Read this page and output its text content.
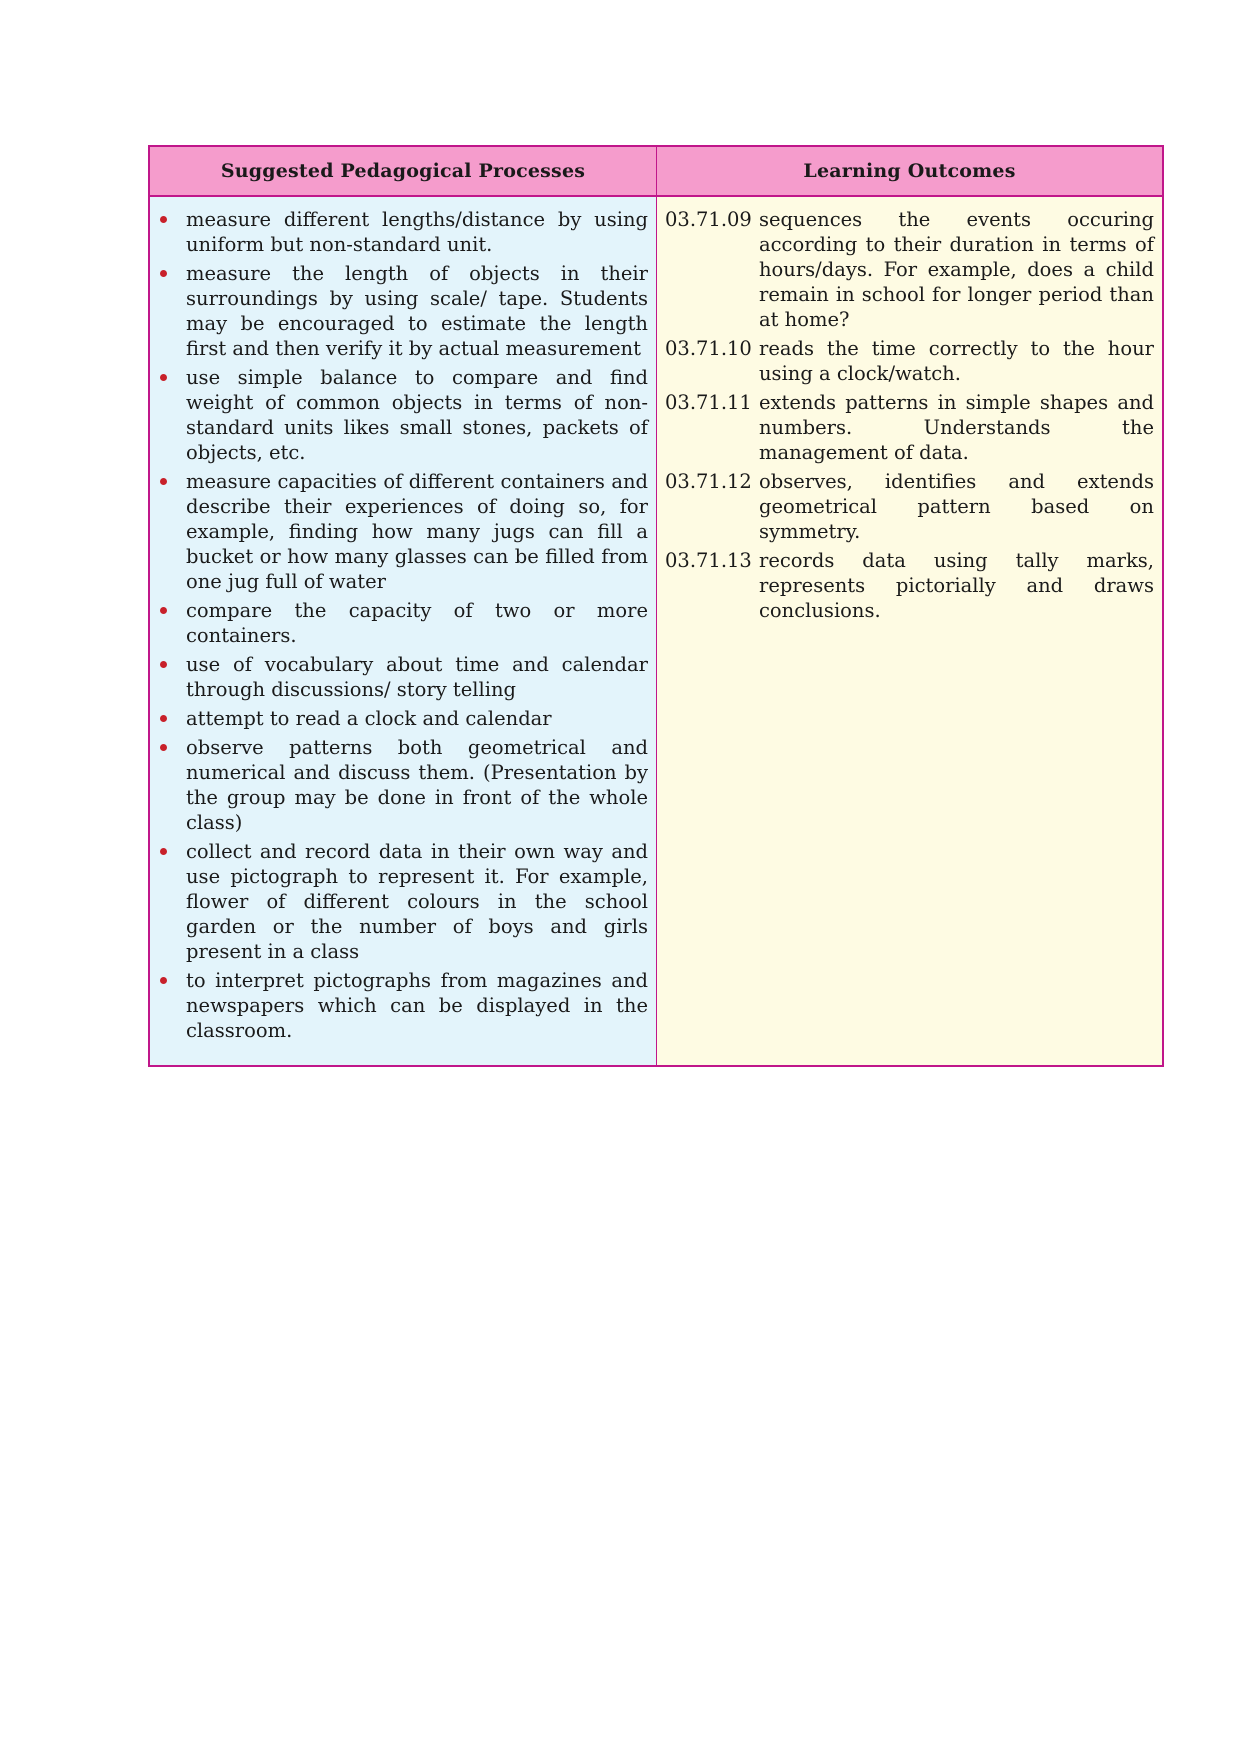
Suggested Pedagogical Processes	Learning Outcomes
measure different lengths/distance by using uniform but non-standard unit.
measure the length of objects in their surroundings by using scale/ tape. Students may be encouraged to estimate the length first and then verify it by actual measurement
use simple balance to compare and find weight of common objects in terms of non-standard units likes small stones, packets of objects, etc.
measure capacities of different containers and describe their experiences of doing so, for example, finding how many jugs can fill a bucket or how many glasses can be filled from one jug full of water
compare the capacity of two or more containers.
use of vocabulary about time and calendar through discussions/ story telling
attempt to read a clock and calendar
observe patterns both geometrical and numerical and discuss them. (Presentation by the group may be done in front of the whole class)
collect and record data in their own way and use pictograph to represent it. For example, flower of different colours in the school garden or the number of boys and girls present in a class
to interpret pictographs from magazines and newspapers which can be displayed in the classroom.
03.71.09 sequences the events occuring according to their duration in terms of hours/days. For example, does a child remain in school for longer period than at home?
03.71.10 reads the time correctly to the hour using a clock/watch.
03.71.11 extends patterns in simple shapes and numbers. Understands the management of data.
03.71.12 observes, identifies and extends geometrical pattern based on symmetry.
03.71.13 records data using tally marks, represents pictorially and draws conclusions.
